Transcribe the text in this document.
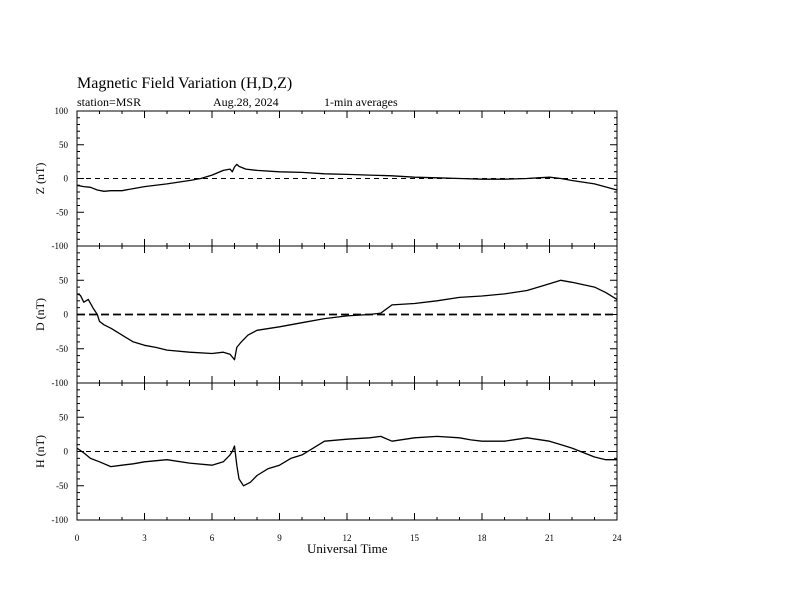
Magnetic Field Variation (H,D,Z)
station=MSR	Aug.28, 2024	1-min averages
Universal Time
100
50
0
-50
-100
Z (nT)
50
0
-50
-100
D (nT)
50
0
-50
-100
H (nT)
0	3	6	9	12	15	18	21	24
